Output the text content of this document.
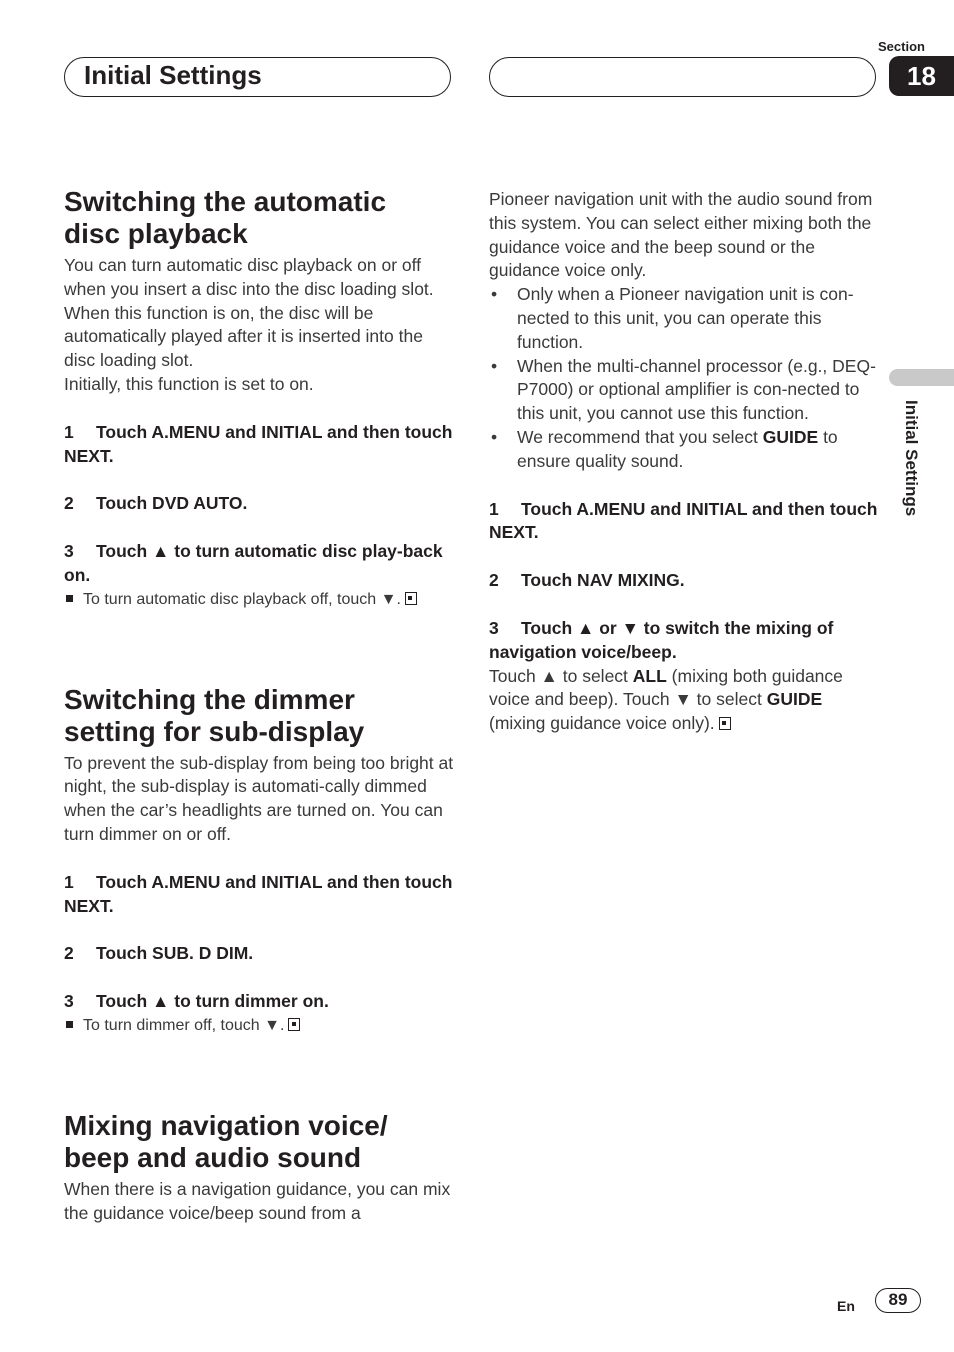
Initial Settings
Section
18
Initial Settings
Switching the automatic
disc playback

You can turn automatic disc playback on or off when you insert a disc into the disc loading slot. When this function is on, the disc will be automatically played after it is inserted into the disc loading slot.

Initially, this function is set to on.

1 Touch A.MENU and INITIAL and then touch NEXT.

2 Touch DVD AUTO.

3 Touch ▲ to turn automatic disc play-back on.

To turn automatic disc playback off, touch ▼.

Switching the dimmer
setting for sub-display

To prevent the sub-display from being too bright at night, the sub-display is automati-cally dimmed when the car’s headlights are turned on. You can turn dimmer on or off.

1 Touch A.MENU and INITIAL and then touch NEXT.

2 Touch SUB. D DIM.

3 Touch ▲ to turn dimmer on.

To turn dimmer off, touch ▼.

Mixing navigation voice/
beep and audio sound

When there is a navigation guidance, you can mix the guidance voice/beep sound from a

Pioneer navigation unit with the audio sound from this system. You can select either mixing both the guidance voice and the beep sound or the guidance voice only.

•	Only when a Pioneer navigation unit is con-nected to this unit, you can operate this function.
•	When the multi-channel processor (e.g., DEQ-P7000) or optional amplifier is con-nected to this unit, you cannot use this function.
•	We recommend that you select GUIDE to ensure quality sound.

1 Touch A.MENU and INITIAL and then touch NEXT.

2 Touch NAV MIXING.

3 Touch ▲ or ▼ to switch the mixing of navigation voice/beep.

Touch ▲ to select ALL (mixing both guidance voice and beep). Touch ▼ to select GUIDE (mixing guidance voice only).

En	89
